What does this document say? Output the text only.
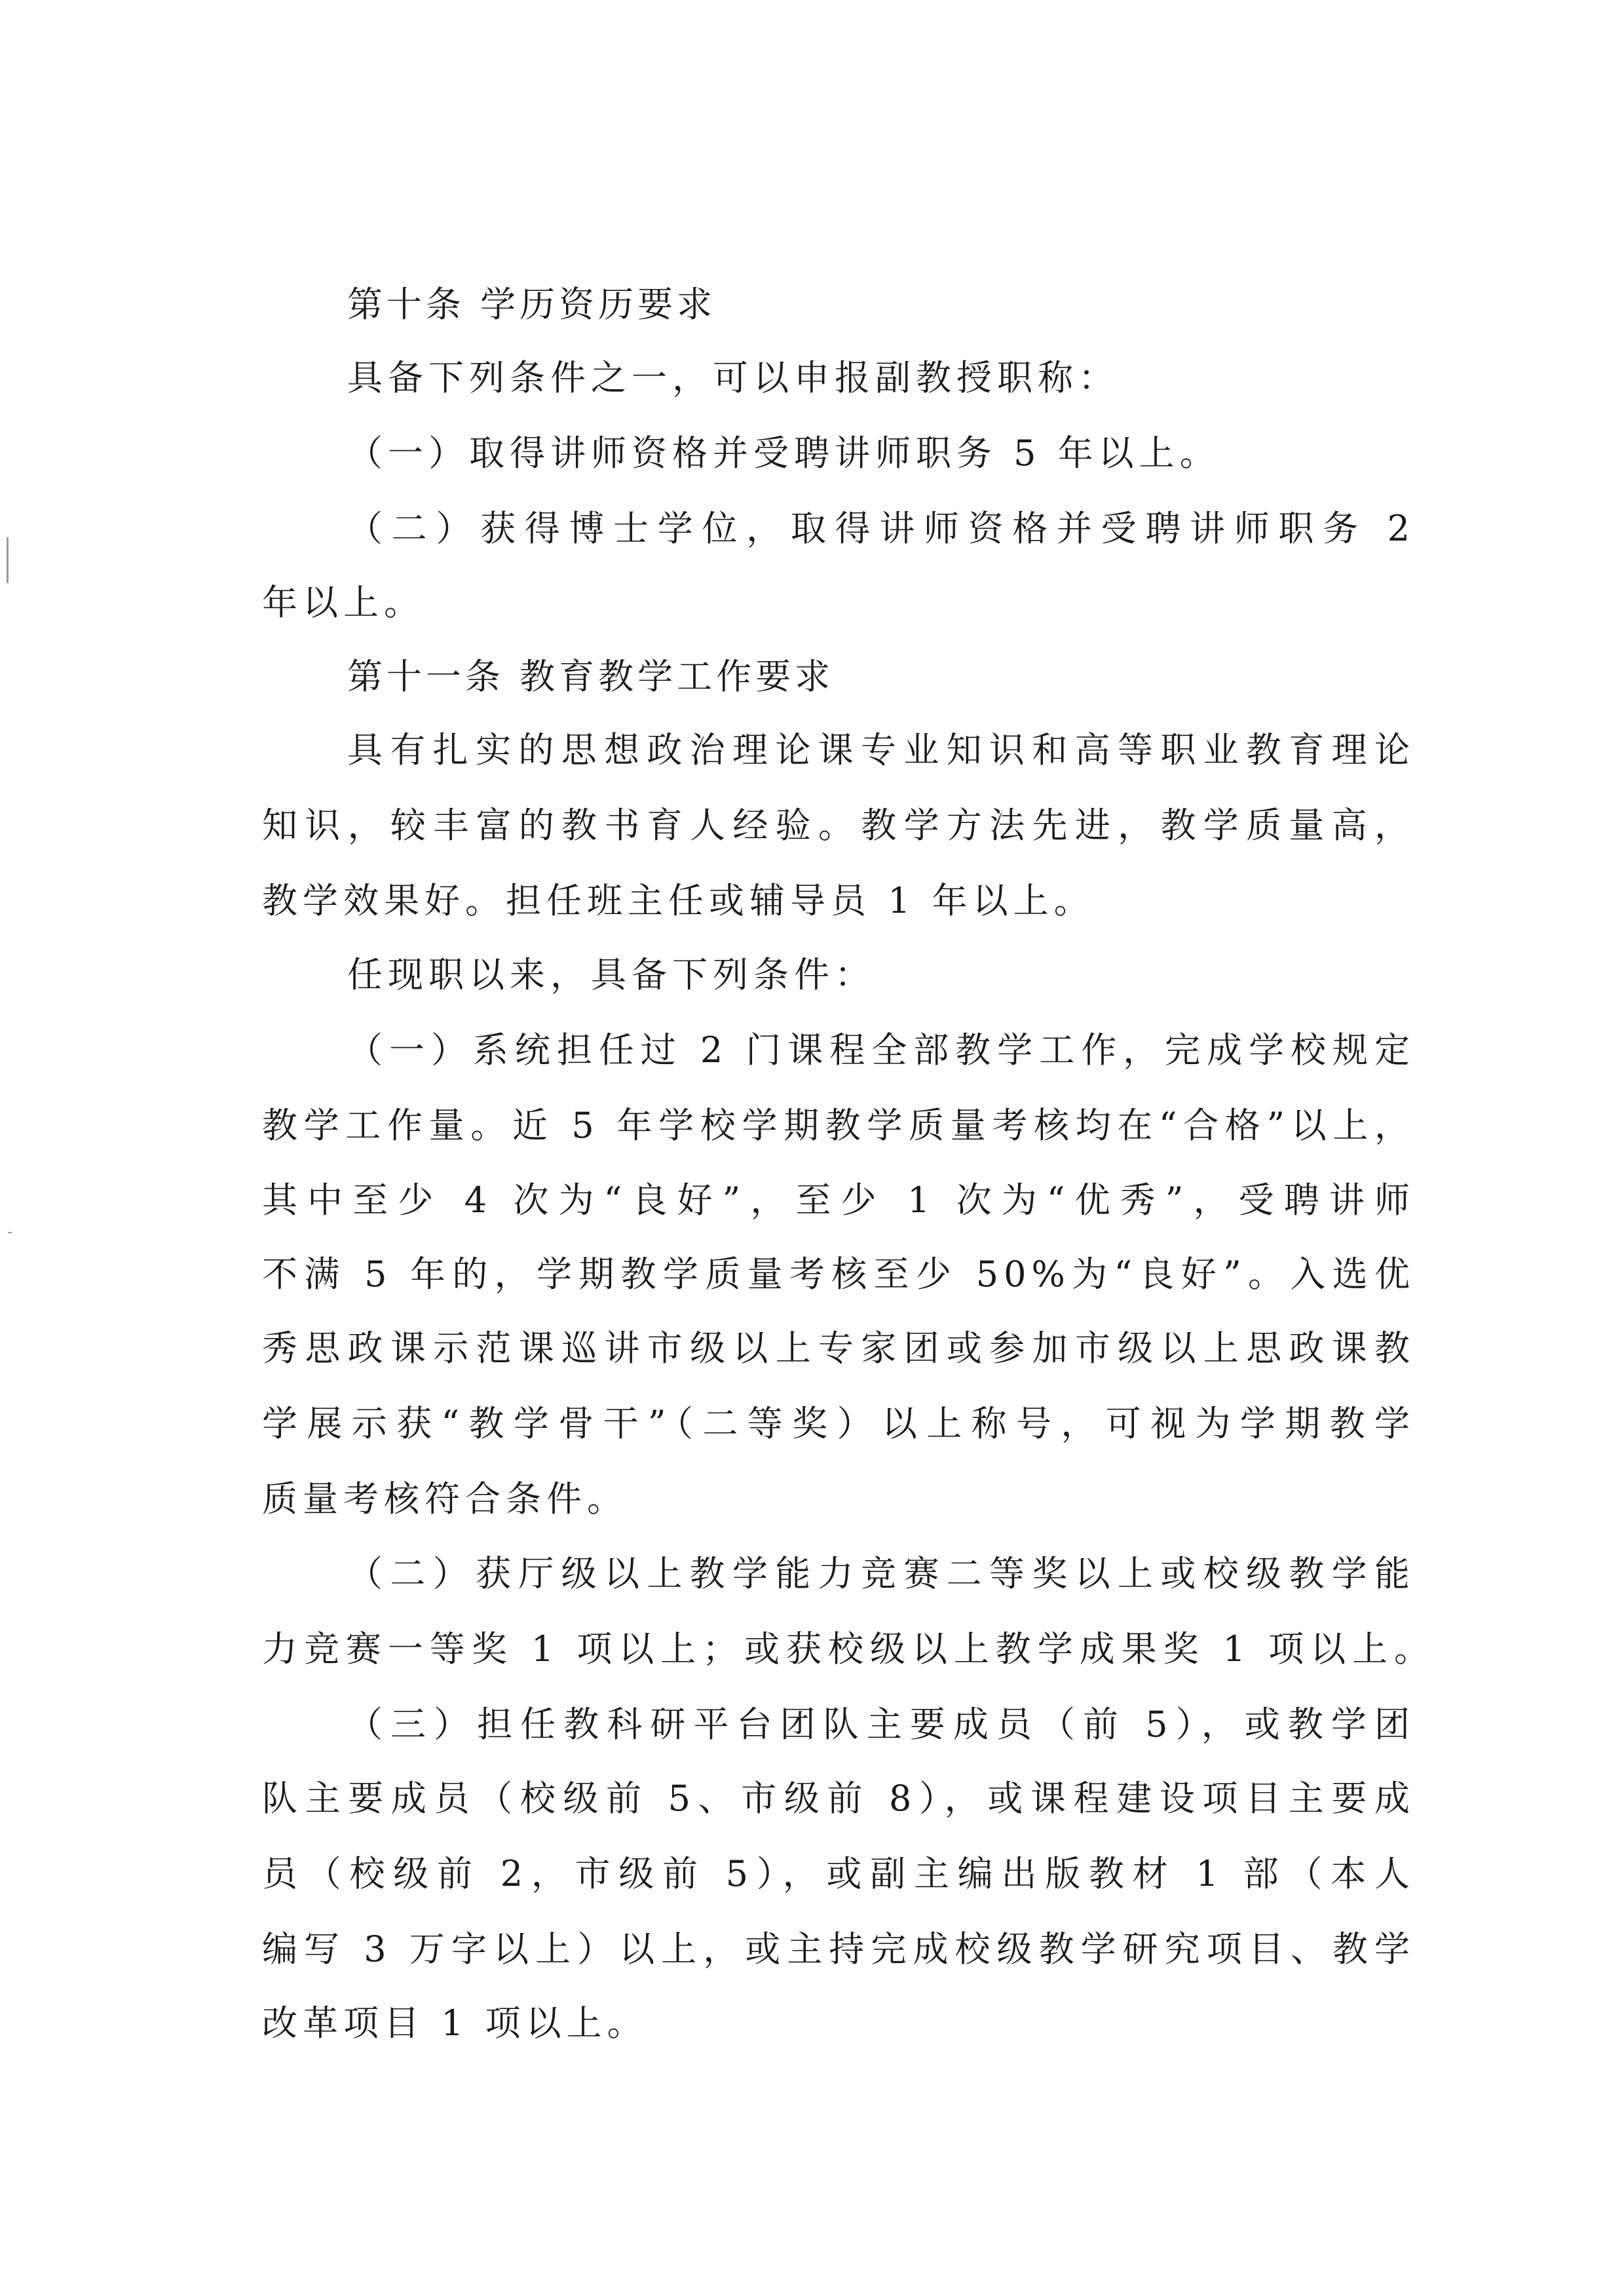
第十条 学历资历要求
具备下列条件之一，可以申报副教授职称：
（一）取得讲师资格并受聘讲师职务 5 年以上。
（二）获得博士学位，取得讲师资格并受聘讲师职务 2
年以上。
第十一条 教育教学工作要求
具有扎实的思想政治理论课专业知识和高等职业教育理论
知识，较丰富的教书育人经验。教学方法先进，教学质量高，
教学效果好。担任班主任或辅导员 1 年以上。
任现职以来，具备下列条件：
（一）系统担任过 2 门课程全部教学工作，完成学校规定
教学工作量。近 5 年学校学期教学质量考核均在“合格”以上，
其中至少 4 次为“良好”，至少 1 次为“优秀”，受聘讲师
不满 5 年的，学期教学质量考核至少 50%为“良好”。入选优
秀思政课示范课巡讲市级以上专家团或参加市级以上思政课教
学展示获“教学骨干”（二等奖）以上称号，可视为学期教学
质量考核符合条件。
（二）获厅级以上教学能力竞赛二等奖以上或校级教学能
力竞赛一等奖 1 项以上；或获校级以上教学成果奖 1 项以上。
（三）担任教科研平台团队主要成员（前 5），或教学团
队主要成员（校级前 5、市级前 8），或课程建设项目主要成
员（校级前 2，市级前 5），或副主编出版教材 1 部（本人
编写 3 万字以上）以上，或主持完成校级教学研究项目、教学
改革项目 1 项以上。
